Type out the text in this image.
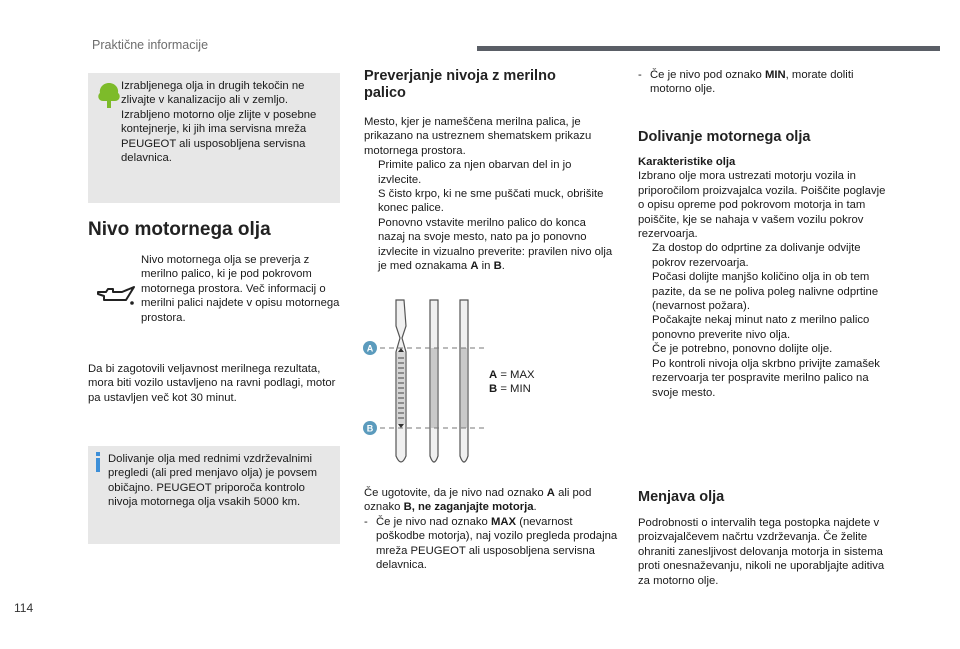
Praktične informacije
114

Izrabljenega olja in drugih tekočin ne zlivajte v kanalizacijo ali v zemljo. Izrabljeno motorno olje zlijte v posebne kontejnerje, ki jih ima servisna mreža PEUGEOT ali usposobljena servisna delavnica.

Nivo motornega olja

Nivo motornega olja se preverja z merilno palico, ki je pod pokrovom motornega prostora. Več informacij o merilni palici najdete v opisu motornega prostora.

Da bi zagotovili veljavnost merilnega rezultata, mora biti vozilo ustavljeno na ravni podlagi, motor pa ustavljen več kot 30 minut.

Dolivanje olja med rednimi vzdrževalnimi pregledi (ali pred menjavo olja) je povsem običajno. PEUGEOT priporoča kontrolo nivoja motornega olja vsakih 5000 km.

Preverjanje nivoja z merilno
palico

Mesto, kjer je nameščena merilna palica, je prikazano na ustreznem shematskem prikazu motornega prostora.

Primite palico za njen obarvan del in jo izvlecite.
S čisto krpo, ki ne sme puščati muck, obrišite konec palice.
Ponovno vstavite merilno palico do konca nazaj na svoje mesto, nato pa jo ponovno izvlecite in vizualno preverite: pravilen nivo olja je med oznakama A in B.
A
B
A = MAX
B = MIN

Če ugotovite, da je nivo nad oznako A ali pod oznako B, ne zaganjajte motorja.

- Če je nivo nad oznako MAX (nevarnost poškodbe motorja), naj vozilo pregleda prodajna mreža PEUGEOT ali usposobljena servisna delavnica.
- Če je nivo pod oznako MIN, morate doliti motorno olje.
Dolivanje motornega olja

Karakteristike olja

Izbrano olje mora ustrezati motorju vozila in priporočilom proizvajalca vozila. Poiščite poglavje o opisu opreme pod pokrovom motorja in tam poiščite, kje se nahaja v vašem vozilu pokrov rezervoarja.

Za dostop do odprtine za dolivanje odvijte pokrov rezervoarja.
Počasi dolijte manjšo količino olja in ob tem pazite, da se ne poliva poleg nalivne odprtine (nevarnost požara).
Počakajte nekaj minut nato z merilno palico ponovno preverite nivo olja.
Če je potrebno, ponovno dolijte olje.
Po kontroli nivoja olja skrbno privijte zamašek rezervoarja ter pospravite merilno palico na svoje mesto.
Menjava olja

Podrobnosti o intervalih tega postopka najdete v proizvajalčevem načrtu vzdrževanja. Če želite ohraniti zanesljivost delovanja motorja in sistema proti onesnaževanju, nikoli ne uporabljajte aditiva za motorno olje.
